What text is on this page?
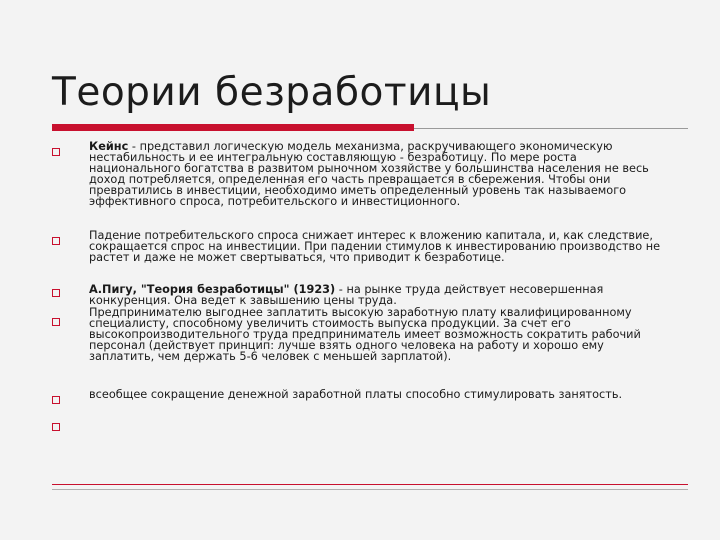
Теории безработицы
Кейнс - представил логическую модель механизма, раскручивающего экономическую нестабильность и ее интегральную составляющую - безработицу. По мере роста национального богатства в развитом рыночном хозяйстве у большинства населения не весь доход потребляется, определенная его часть превращается в сбережения. Чтобы они превратились в инвестиции, необходимо иметь определенный уровень так называемого эффективного спроса, потребительского и инвестиционного.
Падение потребительского спроса снижает интерес к вложению капитала, и, как следствие, сокращается спрос на инвестиции. При падении стимулов к инвестированию производство не растет и даже не может свертываться, что приводит к безработице.
А.Пигу, "Теория безработицы" (1923) - на рынке труда действует несовершенная конкуренция. Она ведет к завышению цены труда.
Предпринимателю выгоднее заплатить высокую заработную плату квалифицированному специалисту, способному увеличить стоимость выпуска продукции. За счет его высокопроизводительного труда предприниматель имеет возможность сократить рабочий персонал (действует принцип: лучше взять одного человека на работу и хорошо ему заплатить, чем держать 5-6 человек с меньшей зарплатой).
всеобщее сокращение денежной заработной платы способно стимулировать занятость.
